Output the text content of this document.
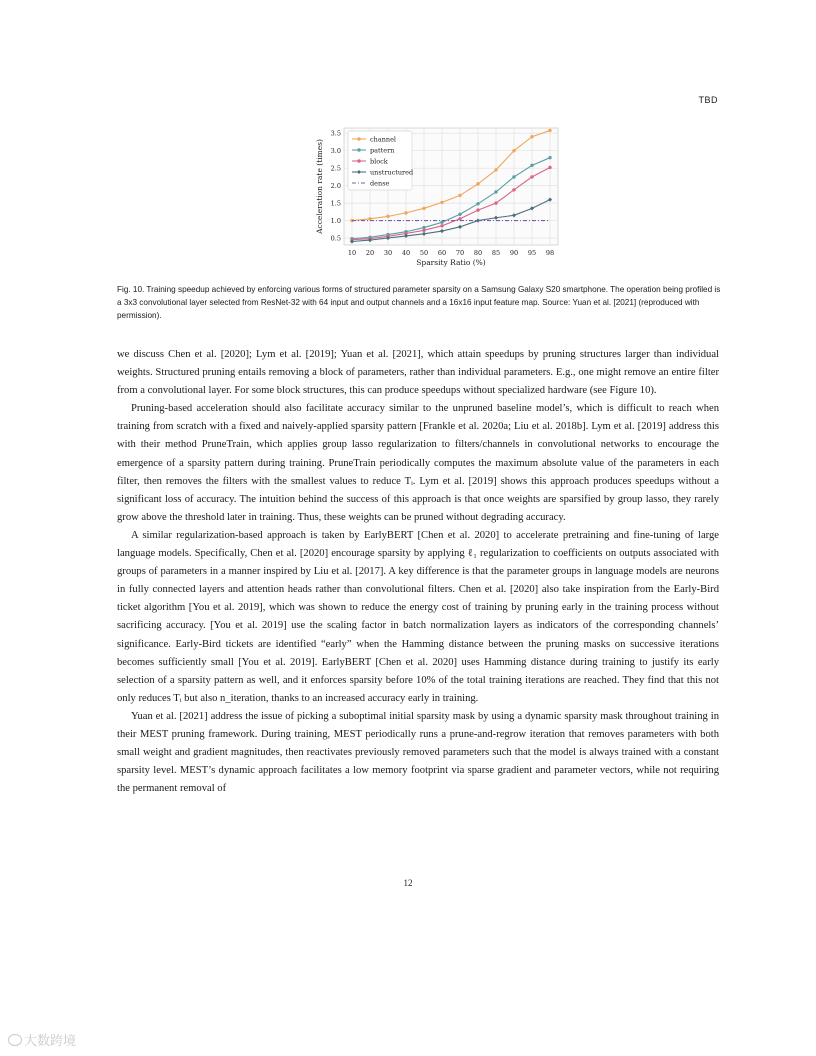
TBD
0.5
1.0
1.5
2.0
2.5
3.0
3.5
10 20 30 40 50 60 70 80 85 90 95 98
channel
pattern
block
unstructured
dense
Sparsity Ratio (%)
Acceleration rate (times)
Fig. 10. Training speedup achieved by enforcing various forms of structured parameter sparsity on a Samsung Galaxy S20 smartphone. The operation being profiled is a 3x3 convolutional layer selected from ResNet-32 with 64 input and output channels and a 16x16 input feature map. Source: Yuan et al. [2021] (reproduced with permission).

we discuss Chen et al. [2020]; Lym et al. [2019]; Yuan et al. [2021], which attain speedups by pruning structures larger than individual weights. Structured pruning entails removing a block of parameters, rather than individual parameters. E.g., one might remove an entire filter from a convolutional layer. For some block structures, this can produce speedups without specialized hardware (see Figure 10).

Pruning-based acceleration should also facilitate accuracy similar to the unpruned baseline model’s, which is difficult to reach when training from scratch with a fixed and naively-applied sparsity pattern [Frankle et al. 2020a; Liu et al. 2018b]. Lym et al. [2019] address this with their method PruneTrain, which applies group lasso regularization to filters/channels in convolutional networks to encourage the emergence of a sparsity pattern during training. PruneTrain periodically computes the maximum absolute value of the parameters in each filter, then removes the filters with the smallest values to reduce Tᵢ. Lym et al. [2019] shows this approach produces speedups without a significant loss of accuracy. The intuition behind the success of this approach is that once weights are sparsified by group lasso, they rarely grow above the threshold later in training. Thus, these weights can be pruned without degrading accuracy.

A similar regularization-based approach is taken by EarlyBERT [Chen et al. 2020] to accelerate pretraining and fine-tuning of large language models. Specifically, Chen et al. [2020] encourage sparsity by applying ℓ₁ regularization to coefficients on outputs associated with groups of parameters in a manner inspired by Liu et al. [2017]. A key difference is that the parameter groups in language models are neurons in fully connected layers and attention heads rather than convolutional filters. Chen et al. [2020] also take inspiration from the Early-Bird ticket algorithm [You et al. 2019], which was shown to reduce the energy cost of training by pruning early in the training process without sacrificing accuracy. [You et al. 2019] use the scaling factor in batch normalization layers as indicators of the corresponding channels’ significance. Early-Bird tickets are identified “early” when the Hamming distance between the pruning masks on successive iterations becomes sufficiently small [You et al. 2019]. EarlyBERT [Chen et al. 2020] uses Hamming distance during training to justify its early selection of a sparsity pattern as well, and it enforces sparsity before 10% of the total training iterations are reached. They find that this not only reduces Tᵢ but also n_iteration, thanks to an increased accuracy early in training.

Yuan et al. [2021] address the issue of picking a suboptimal initial sparsity mask by using a dynamic sparsity mask throughout training in their MEST pruning framework. During training, MEST periodically runs a prune-and-regrow iteration that removes parameters with both small weight and gradient magnitudes, then reactivates previously removed parameters such that the model is always trained with a constant sparsity level. MEST’s dynamic approach facilitates a low memory footprint via sparse gradient and parameter vectors, while not requiring the permanent removal of

12
大数跨境
